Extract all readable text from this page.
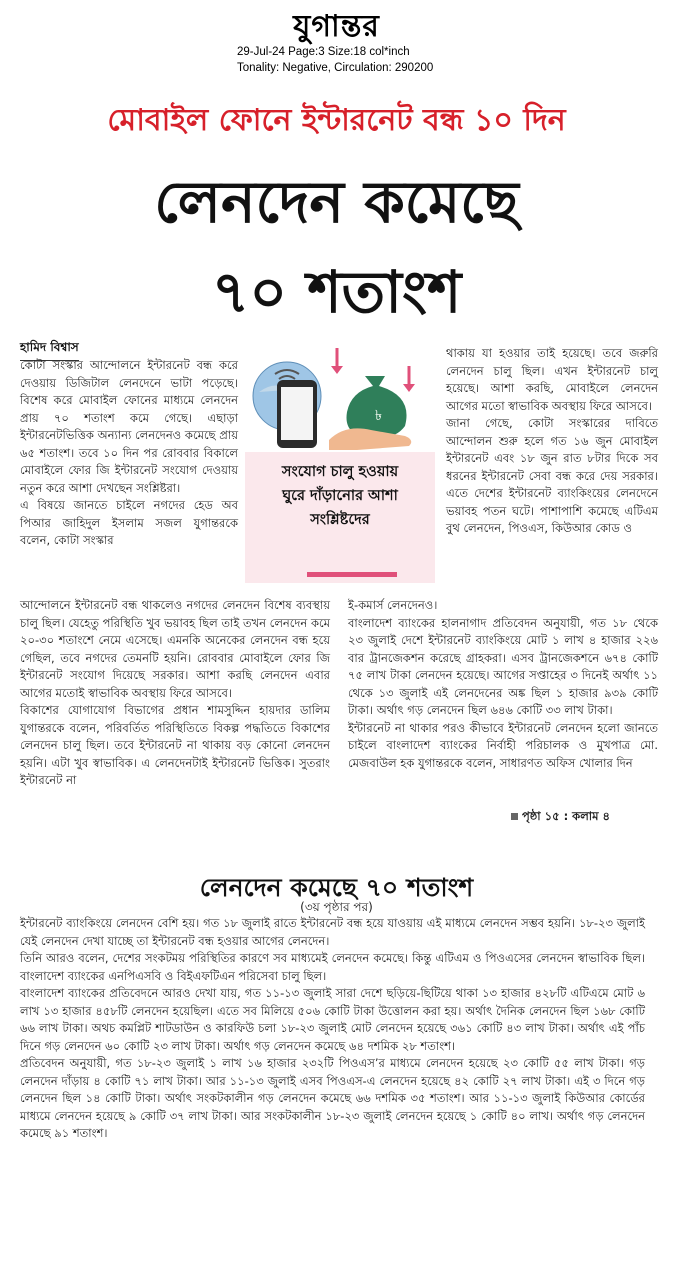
যুগান্তর
29-Jul-24 Page:3 Size:18 col*inch
Tonality: Negative, Circulation: 290200
মোবাইল ফোনে ইন্টারনেট বন্ধ ১০ দিন
লেনদেন কমেছে
৭০ শতাংশ
হামিদ বিশ্বাস

কোটা সংস্কার আন্দোলনে ইন্টারনেট বন্ধ করে দেওয়ায় ডিজিটাল লেনদেনে ভাটা পড়েছে। বিশেষ করে মোবাইল ফোনের মাধ্যমে লেনদেন প্রায় ৭০ শতাংশ কমে গেছে। এছাড়া ইন্টারনেটভিত্তিক অন্যান্য লেনদেনও কমেছে প্রায় ৬৫ শতাংশ। তবে ১০ দিন পর রোববার বিকালে মোবাইলে ফোর জি ইন্টারনেট সংযোগ দেওয়ায় নতুন করে আশা দেখছেন সংশ্লিষ্টরা।

এ বিষয়ে জানতে চাইলে নগদের হেড অব পিআর জাহিদুল ইসলাম সজল যুগান্তরকে বলেন, কোটা সংস্কার

৳
সংযোগ চালু হওয়ায়
ঘুরে দাঁড়ানোর আশা
সংশ্লিষ্টদের

থাকায় যা হওয়ার তাই হয়েছে। তবে জরুরি লেনদেন চালু ছিল। এখন ইন্টারনেট চালু হয়েছে। আশা করছি, মোবাইলে লেনদেন আগের মতো স্বাভাবিক অবস্থায় ফিরে আসবে।

জানা গেছে, কোটা সংস্কারের দাবিতে আন্দোলন শুরু হলে গত ১৬ জুন মোবাইল ইন্টারনেট এবং ১৮ জুন রাত ৮টার দিকে সব ধরনের ইন্টারনেট সেবা বন্ধ করে দেয় সরকার। এতে দেশের ইন্টারনেট ব্যাংকিংয়ের লেনদেনে ভয়াবহ পতন ঘটে। পাশাপাশি কমেছে এটিএম বুথ লেনদেন, পিওএস, কিউআর কোড ও

আন্দোলনে ইন্টারনেট বন্ধ থাকলেও নগদের লেনদেন বিশেষ ব্যবস্থায় চালু ছিল। যেহেতু পরিস্থিতি খুব ভয়াবহ ছিল তাই তখন লেনদেন কমে ২০-৩০ শতাংশে নেমে এসেছে। এমনকি অনেকের লেনদেন বন্ধ হয়ে গেছিল, তবে নগদের তেমনটি হয়নি। রোববার মোবাইলে ফোর জি ইন্টারনেট সংযোগ দিয়েছে সরকার। আশা করছি লেনদেন এবার আগের মতোই স্বাভাবিক অবস্থায় ফিরে আসবে।

বিকাশের যোগাযোগ বিভাগের প্রধান শামসুদ্দিন হায়দার ডালিম যুগান্তরকে বলেন, পরিবর্তিত পরিস্থিতিতে বিকল্প পদ্ধতিতে বিকাশের লেনদেন চালু ছিল। তবে ইন্টারনেট না থাকায় বড় কোনো লেনদেন হয়নি। এটা খুব স্বাভাবিক। এ লেনদেনটাই ইন্টারনেট ভিত্তিক। সুতরাং ইন্টারনেট না

ই-কমার্স লেনদেনও।

বাংলাদেশ ব্যাংকের হালনাগাদ প্রতিবেদন অনুযায়ী, গত ১৮ থেকে ২৩ জুলাই দেশে ইন্টারনেট ব্যাংকিংয়ে মোট ১ লাখ ৪ হাজার ২২৬ বার ট্রানজেকশন করেছে গ্রাহকরা। এসব ট্রানজেকশনে ৬৭৪ কোটি ৭৫ লাখ টাকা লেনদেন হয়েছে। আগের সপ্তাহের ৩ দিনেই অর্থাৎ ১১ থেকে ১৩ জুলাই এই লেনদেনের অঙ্ক ছিল ১ হাজার ৯৩৯ কোটি টাকা। অর্থাৎ গড় লেনদেন ছিল ৬৪৬ কোটি ৩৩ লাখ টাকা।

ইন্টারনেট না থাকার পরও কীভাবে ইন্টারনেট লেনদেন হলো জানতে চাইলে বাংলাদেশ ব্যাংকের নির্বাহী পরিচালক ও মুখপাত্র মো. মেজবাউল হক যুগান্তরকে বলেন, সাধারণত অফিস খোলার দিন

পৃষ্ঠা ১৫ : কলাম ৪
লেনদেন কমেছে ৭০ শতাংশ
(৩য় পৃষ্ঠার পর)

ইন্টারনেট ব্যাংকিংয়ে লেনদেন বেশি হয়। গত ১৮ জুলাই রাতে ইন্টারনেট বন্ধ হয়ে যাওয়ায় এই মাধ্যমে লেনদেন সম্ভব হয়নি। ১৮-২৩ জুলাই যেই লেনদেন দেখা যাচ্ছে তা ইন্টারনেট বন্ধ হওয়ার আগের লেনদেন।

তিনি আরও বলেন, দেশের সংকটময় পরিস্থিতির কারণে সব মাধ্যমেই লেনদেন কমেছে। কিন্তু এটিএম ও পিওএসের লেনদেন স্বাভাবিক ছিল। বাংলাদেশ ব্যাংকের এনপিএসবি ও বিইএফটিএন পরিসেবা চালু ছিল।

বাংলাদেশ ব্যাংকের প্রতিবেদনে আরও দেখা যায়, গত ১১-১৩ জুলাই সারা দেশে ছড়িয়ে-ছিটিয়ে থাকা ১৩ হাজার ৪২৮টি এটিএমে মোট ৬ লাখ ১৩ হাজার ৪৫৮টি লেনদেন হয়েছিল। এতে সব মিলিয়ে ৫০৬ কোটি টাকা উত্তোলন করা হয়। অর্থাৎ দৈনিক লেনদেন ছিল ১৬৮ কোটি ৬৬ লাখ টাকা। অথচ কমপ্লিট শাটডাউন ও কারফিউ চলা ১৮-২৩ জুলাই মোট লেনদেন হয়েছে ৩৬১ কোটি ৪৩ লাখ টাকা। অর্থাৎ এই পাঁচ দিনে গড় লেনদেন ৬০ কোটি ২৩ লাখ টাকা। অর্থাৎ গড় লেনদেন কমেছে ৬৪ দশমিক ২৮ শতাংশ।

প্রতিবেদন অনুযায়ী, গত ১৮-২৩ জুলাই ১ লাখ ১৬ হাজার ২৩২টি পিওএস’র মাধ্যমে লেনদেন হয়েছে ২৩ কোটি ৫৫ লাখ টাকা। গড় লেনদেন দাঁড়ায় ৪ কোটি ৭১ লাখ টাকা। আর ১১-১৩ জুলাই এসব পিওএস-এ লেনদেন হয়েছে ৪২ কোটি ২৭ লাখ টাকা। এই ৩ দিনে গড় লেনদেন ছিল ১৪ কোটি টাকা। অর্থাৎ সংকটকালীন গড় লেনদেন কমেছে ৬৬ দশমিক ৩৫ শতাংশ। আর ১১-১৩ জুলাই কিউআর কোর্ডের মাধ্যমে লেনদেন হয়েছে ৯ কোটি ৩৭ লাখ টাকা। আর সংকটকালীন ১৮-২৩ জুলাই লেনদেন হয়েছে ১ কোটি ৪০ লাখ। অর্থাৎ গড় লেনদেন কমেছে ৯১ শতাংশ।
